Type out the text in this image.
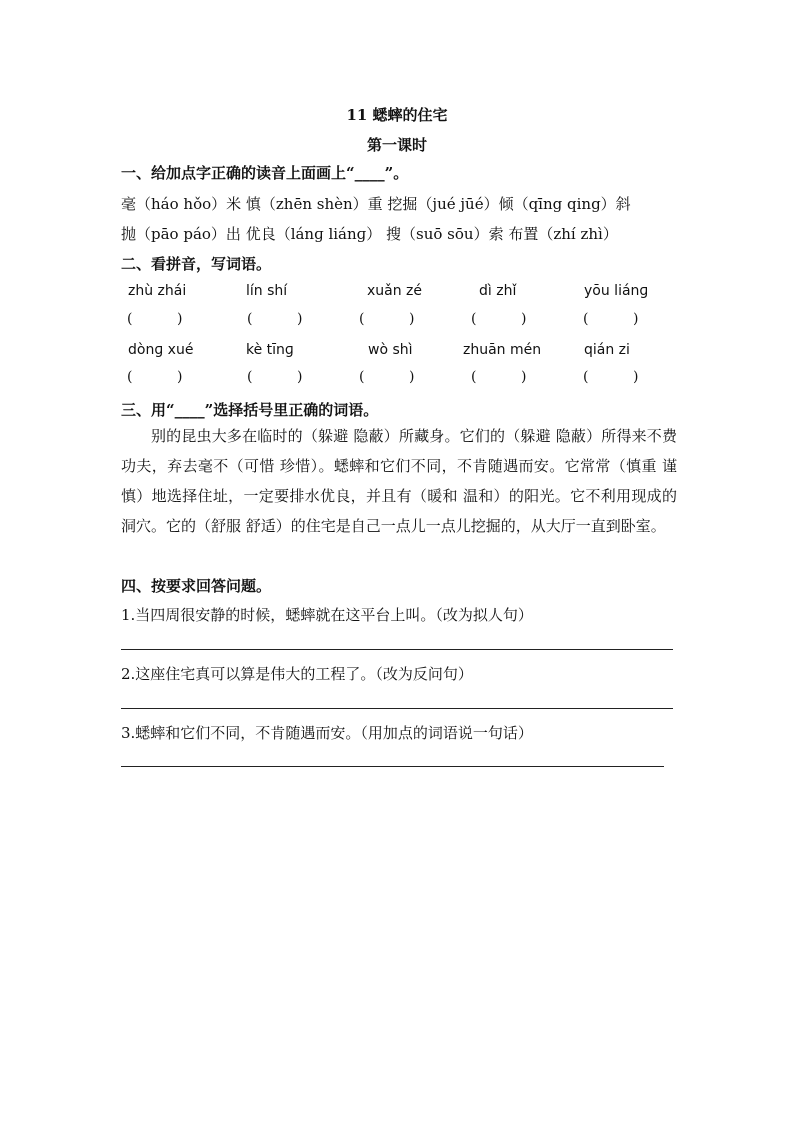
11 蟋蟀的住宅
第一课时
一、给加点字正确的读音上面画上“____”。
毫（háo hǒo）米 慎（zhēn shèn）重 挖掘（jué jūé）倾（qīng qing）斜
抛（pāo páo）出 优良（lánɡ liánɡ） 搜（suō sōu）索 布置（zhí zhì）
二、看拼音，写词语。
zhù zhái	lín shí	xuǎn zé	dì zhǐ	yōu liánɡ
(          )	(          )	(          )	(          )	(          )
dònɡ xué	kè tīnɡ	wò shì	zhuān mén	qián zi
(          )	(          )	(          )	(          )	(          )
三、用“____”选择括号里正确的词语。

别的昆虫大多在临时的（躲避 隐蔽）所藏身。它们的（躲避 隐蔽）所得来不费功夫，弃去毫不（可惜 珍惜）。蟋蟀和它们不同，不肯随遇而安。它常常（慎重 谨慎）地选择住址，一定要排水优良，并且有（暖和 温和）的阳光。它不利用现成的洞穴。它的（舒服 舒适）的住宅是自己一点儿一点儿挖掘的，从大厅一直到卧室。

四、按要求回答问题。
1.当四周很安静的时候，蟋蟀就在这平台上叫。（改为拟人句）
2.这座住宅真可以算是伟大的工程了。（改为反问句）
3.蟋蟀和它们不同，不肯随遇而安。（用加点的词语说一句话）
